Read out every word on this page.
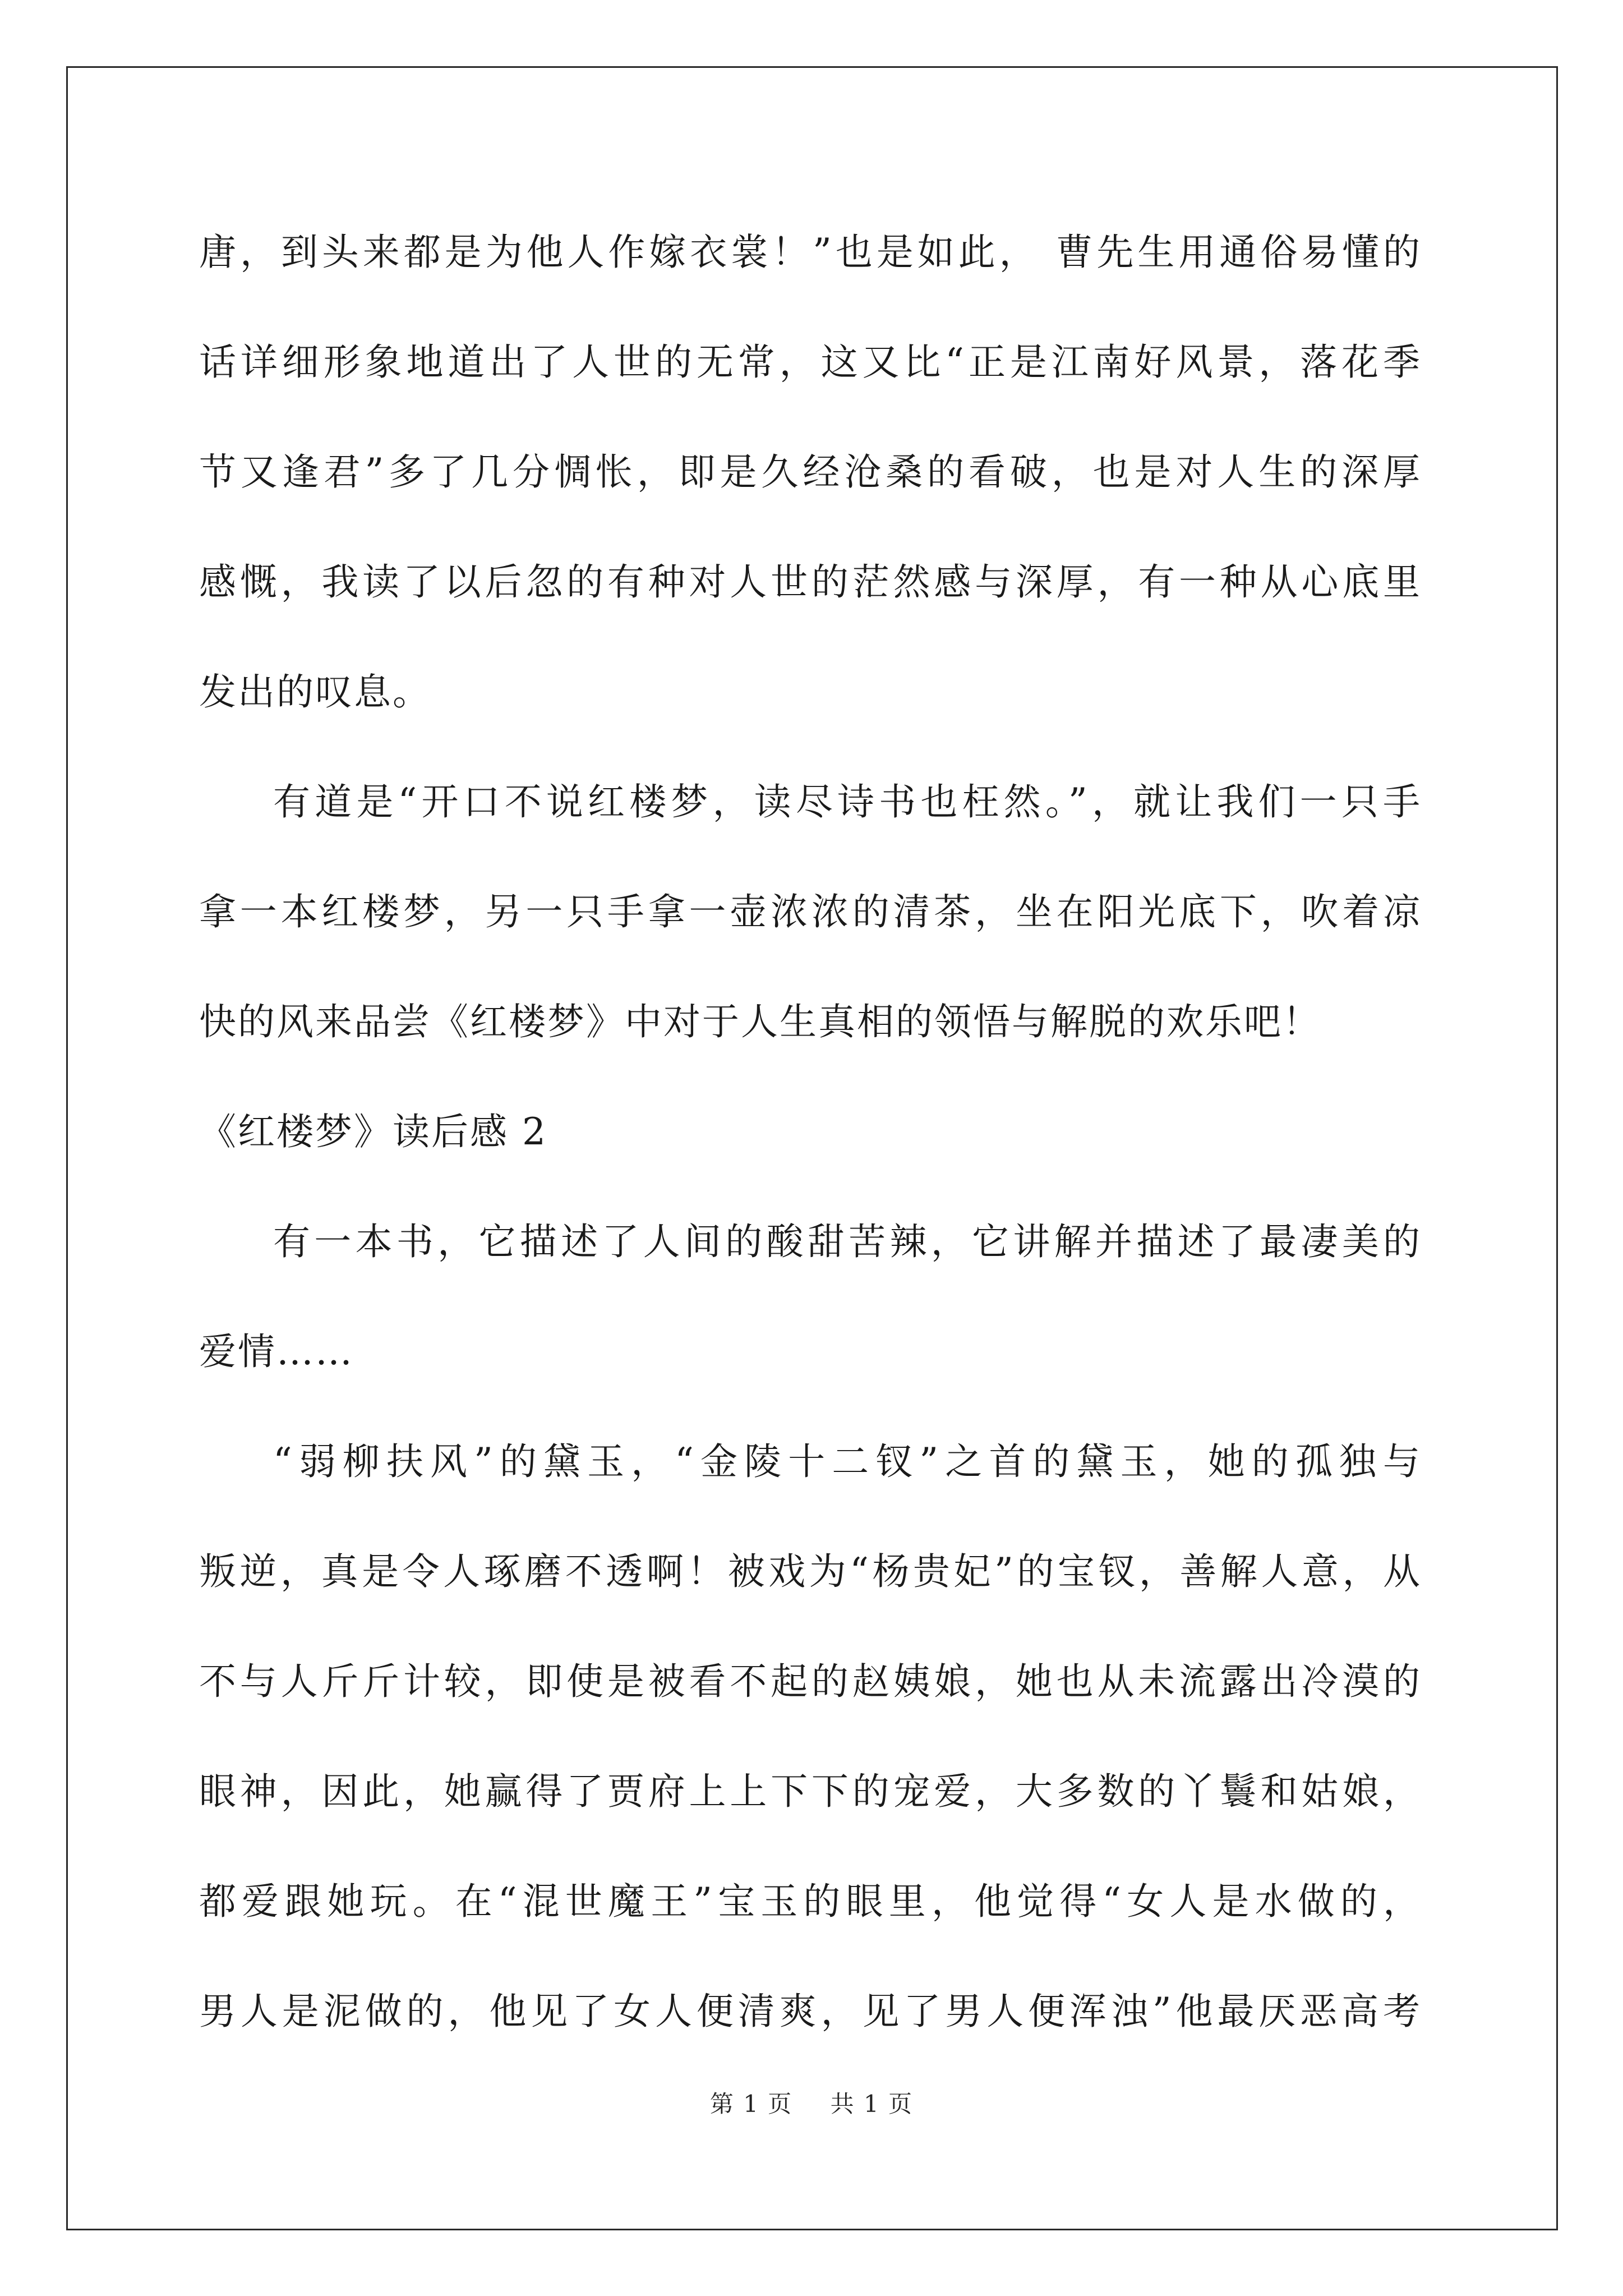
唐，到头来都是为他人作嫁衣裳！”也是如此， 曹先生用通俗易懂的
话详细形象地道出了人世的无常，这又比“正是江南好风景，落花季
节又逢君”多了几分惆怅，即是久经沧桑的看破，也是对人生的深厚
感慨，我读了以后忽的有种对人世的茫然感与深厚，有一种从心底里
发出的叹息。
有道是“开口不说红楼梦，读尽诗书也枉然。”，就让我们一只手
拿一本红楼梦，另一只手拿一壶浓浓的清茶，坐在阳光底下，吹着凉
快的风来品尝《红楼梦》中对于人生真相的领悟与解脱的欢乐吧！
《红楼梦》读后感 2
有一本书，它描述了人间的酸甜苦辣，它讲解并描述了最凄美的
爱情……
“弱柳扶风”的黛玉，“金陵十二钗”之首的黛玉，她的孤独与
叛逆，真是令人琢磨不透啊！被戏为“杨贵妃”的宝钗，善解人意，从
不与人斤斤计较，即使是被看不起的赵姨娘，她也从未流露出冷漠的
眼神，因此，她赢得了贾府上上下下的宠爱，大多数的丫鬟和姑娘，
都爱跟她玩。在“混世魔王”宝玉的眼里，他觉得“女人是水做的，
男人是泥做的，他见了女人便清爽，见了男人便浑浊”他最厌恶高考
第 1 页 共 1 页
